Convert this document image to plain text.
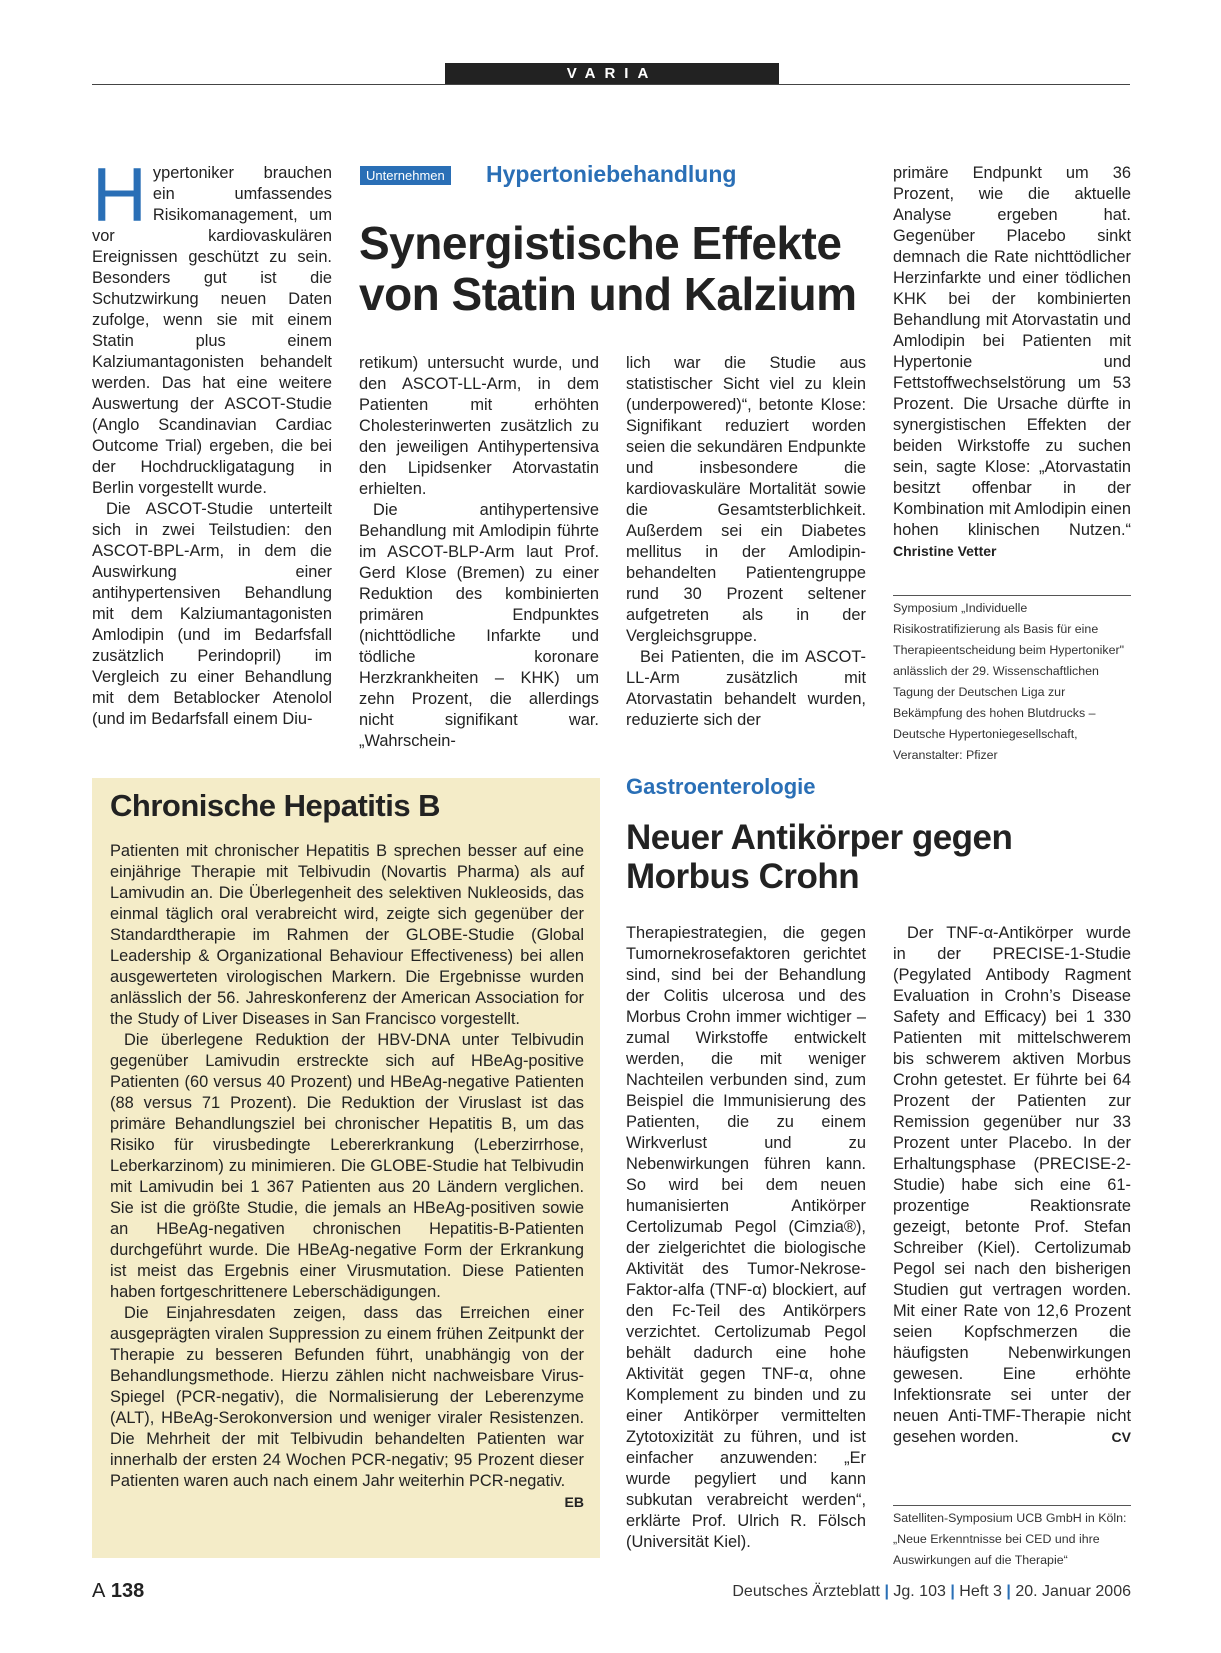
VARIA

Hypertoniker brauchen ein umfassendes Risikomanagement, um vor kardiovaskulären Ereignissen geschützt zu sein. Besonders gut ist die Schutzwirkung neuen Daten zufolge, wenn sie mit einem Statin plus einem Kalziumantagonisten behandelt werden. Das hat eine weitere Auswertung der ASCOT-Studie (Anglo Scandinavian Cardiac Outcome Trial) ergeben, die bei der Hochdruckligatagung in Berlin vorgestellt wurde.

Die ASCOT-Studie unterteilt sich in zwei Teilstudien: den ASCOT-BPL-Arm, in dem die Auswirkung einer antihypertensiven Behandlung mit dem Kalziumantagonisten Amlodipin (und im Bedarfsfall zusätzlich Perindopril) im Vergleich zu einer Behandlung mit dem Betablocker Atenolol (und im Bedarfsfall einem Diu-

Unternehmen Hypertoniebehandlung
Synergistische Effekte
von Statin und Kalzium

retikum) untersucht wurde, und den ASCOT-LL-Arm, in dem Patienten mit erhöhten Cholesterinwerten zusätzlich zu den jeweiligen Antihypertensiva den Lipidsenker Atorvastatin erhielten.

Die antihypertensive Behandlung mit Amlodipin führte im ASCOT-BLP-Arm laut Prof. Gerd Klose (Bremen) zu einer Reduktion des kombinierten primären Endpunktes (nichttödliche Infarkte und tödliche koronare Herzkrankheiten – KHK) um zehn Prozent, die allerdings nicht signifikant war. „Wahrschein-

lich war die Studie aus statistischer Sicht viel zu klein (underpowered)“, betonte Klose: Signifikant reduziert worden seien die sekundären Endpunkte und insbesondere die kardiovaskuläre Mortalität sowie die Gesamtsterblichkeit. Außerdem sei ein Diabetes mellitus in der Amlodipin-behandelten Patientengruppe rund 30 Prozent seltener aufgetreten als in der Vergleichsgruppe.

Bei Patienten, die im ASCOT-LL-Arm zusätzlich mit Atorvastatin behandelt wurden, reduzierte sich der

primäre Endpunkt um 36 Prozent, wie die aktuelle Analyse ergeben hat. Gegenüber Placebo sinkt demnach die Rate nichttödlicher Herzinfarkte und einer tödlichen KHK bei der kombinierten Behandlung mit Atorvastatin und Amlodipin bei Patienten mit Hypertonie und Fettstoffwechselstörung um 53 Prozent. Die Ursache dürfte in synergistischen Effekten der beiden Wirkstoffe zu suchen sein, sagte Klose: „Atorvastatin besitzt offenbar in der Kombination mit Amlodipin einen hohen klinischen Nutzen.“ Christine Vetter

Symposium „Individuelle Risikostratifizierung als Basis für eine Therapieentscheidung beim Hypertoniker" anlässlich der 29. Wissenschaftlichen Tagung der Deutschen Liga zur Bekämpfung des hohen Blutdrucks – Deutsche Hypertoniegesellschaft, Veranstalter: Pfizer
Chronische Hepatitis B

Patienten mit chronischer Hepatitis B sprechen besser auf eine einjährige Therapie mit Telbivudin (Novartis Pharma) als auf Lamivudin an. Die Überlegenheit des selektiven Nukleosids, das einmal täglich oral verabreicht wird, zeigte sich gegenüber der Standardtherapie im Rahmen der GLOBE-Studie (Global Leadership & Organizational Behaviour Effectiveness) bei allen ausgewerteten virologischen Markern. Die Ergebnisse wurden anlässlich der 56. Jahreskonferenz der American Association for the Study of Liver Diseases in San Francisco vorgestellt.

Die überlegene Reduktion der HBV-DNA unter Telbivudin gegenüber Lamivudin erstreckte sich auf HBeAg-positive Patienten (60 versus 40 Prozent) und HBeAg-negative Patienten (88 versus 71 Prozent). Die Reduktion der Viruslast ist das primäre Behandlungsziel bei chronischer Hepatitis B, um das Risiko für virusbedingte Lebererkrankung (Leberzirrhose, Leberkarzinom) zu minimieren. Die GLOBE-Studie hat Telbivudin mit Lamivudin bei 1 367 Patienten aus 20 Ländern verglichen. Sie ist die größte Studie, die jemals an HBeAg-positiven sowie an HBeAg-negativen chronischen Hepatitis-B-Patienten durchgeführt wurde. Die HBeAg-negative Form der Erkrankung ist meist das Ergebnis einer Virusmutation. Diese Patienten haben fortgeschrittenere Leberschädigungen.

Die Einjahresdaten zeigen, dass das Erreichen einer ausgeprägten viralen Suppression zu einem frühen Zeitpunkt der Therapie zu besseren Befunden führt, unabhängig von der Behandlungsmethode. Hierzu zählen nicht nachweisbare Virus-Spiegel (PCR-negativ), die Normalisierung der Leberenzyme (ALT), HBeAg-Serokonversion und weniger viraler Resistenzen. Die Mehrheit der mit Telbivudin behandelten Patienten war innerhalb der ersten 24 Wochen PCR-negativ; 95 Prozent dieser Patienten waren auch nach einem Jahr weiterhin PCR-negativ.
EB

Gastroenterologie
Neuer Antikörper gegen
Morbus Crohn

Therapiestrategien, die gegen Tumornekrosefaktoren gerichtet sind, sind bei der Behandlung der Colitis ulcerosa und des Morbus Crohn immer wichtiger – zumal Wirkstoffe entwickelt werden, die mit weniger Nachteilen verbunden sind, zum Beispiel die Immunisierung des Patienten, die zu einem Wirkverlust und zu Nebenwirkungen führen kann. So wird bei dem neuen humanisierten Antikörper Certolizumab Pegol (Cimzia®), der zielgerichtet die biologische Aktivität des Tumor-Nekrose-Faktor-alfa (TNF-α) blockiert, auf den Fc-Teil des Antikörpers verzichtet. Certolizumab Pegol behält dadurch eine hohe Aktivität gegen TNF-α, ohne Komplement zu binden und zu einer Antikörper vermittelten Zytotoxizität zu führen, und ist einfacher anzuwenden: „Er wurde pegyliert und kann subkutan verabreicht werden“, erklärte Prof. Ulrich R. Fölsch (Universität Kiel).

Der TNF-α-Antikörper wurde in der PRECISE-1-Studie (Pegylated Antibody Ragment Evaluation in Crohn’s Disease Safety and Efficacy) bei 1 330 Patienten mit mittelschwerem bis schwerem aktiven Morbus Crohn getestet. Er führte bei 64 Prozent der Patienten zur Remission gegenüber nur 33 Prozent unter Placebo. In der Erhaltungsphase (PRECISE-2-Studie) habe sich eine 61-prozentige Reaktionsrate gezeigt, betonte Prof. Stefan Schreiber (Kiel). Certolizumab Pegol sei nach den bisherigen Studien gut vertragen worden. Mit einer Rate von 12,6 Prozent seien Kopfschmerzen die häufigsten Nebenwirkungen gewesen. Eine erhöhte Infektionsrate sei unter der neuen Anti-TMF-Therapie nicht gesehen worden.	CV

Satelliten-Symposium UCB GmbH in Köln: „Neue Erkenntnisse bei CED und ihre Auswirkungen auf die Therapie“
A 138	Deutsches Ärzteblatt | Jg. 103 | Heft 3 | 20. Januar 2006
